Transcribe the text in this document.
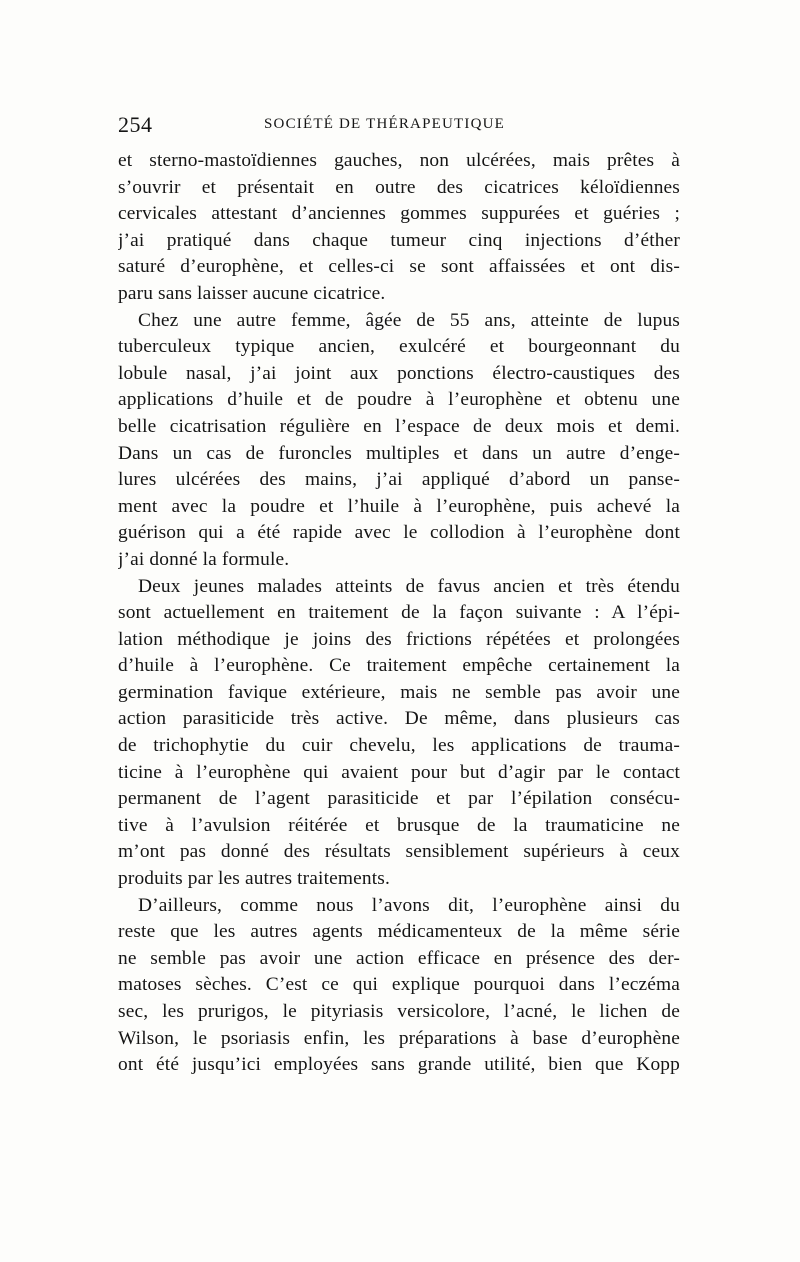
254	SOCIÉTÉ DE THÉRAPEUTIQUE
et sterno-mastoïdiennes gauches, non ulcérées, mais prêtes à
s’ouvrir et présentait en outre des cicatrices kéloïdiennes
cervicales attestant d’anciennes gommes suppurées et guéries ;
j’ai pratiqué dans chaque tumeur cinq injections d’éther
saturé d’europhène, et celles-ci se sont affaissées et ont dis-
paru sans laisser aucune cicatrice.
Chez une autre femme, âgée de 55 ans, atteinte de lupus
tuberculeux typique ancien, exulcéré et bourgeonnant du
lobule nasal, j’ai joint aux ponctions électro-caustiques des
applications d’huile et de poudre à l’europhène et obtenu une
belle cicatrisation régulière en l’espace de deux mois et demi.
Dans un cas de furoncles multiples et dans un autre d’enge-
lures ulcérées des mains, j’ai appliqué d’abord un panse-
ment avec la poudre et l’huile à l’europhène, puis achevé la
guérison qui a été rapide avec le collodion à l’europhène dont
j’ai donné la formule.
Deux jeunes malades atteints de favus ancien et très étendu
sont actuellement en traitement de la façon suivante : A l’épi-
lation méthodique je joins des frictions répétées et prolongées
d’huile à l’europhène. Ce traitement empêche certainement la
germination favique extérieure, mais ne semble pas avoir une
action parasiticide très active. De même, dans plusieurs cas
de trichophytie du cuir chevelu, les applications de trauma-
ticine à l’europhène qui avaient pour but d’agir par le contact
permanent de l’agent parasiticide et par l’épilation consécu-
tive à l’avulsion réitérée et brusque de la traumaticine ne
m’ont pas donné des résultats sensiblement supérieurs à ceux
produits par les autres traitements.
D’ailleurs, comme nous l’avons dit, l’europhène ainsi du
reste que les autres agents médicamenteux de la même série
ne semble pas avoir une action efficace en présence des der-
matoses sèches. C’est ce qui explique pourquoi dans l’eczéma
sec, les prurigos, le pityriasis versicolore, l’acné, le lichen de
Wilson, le psoriasis enfin, les préparations à base d’europhène
ont été jusqu’ici employées sans grande utilité, bien que Kopp
